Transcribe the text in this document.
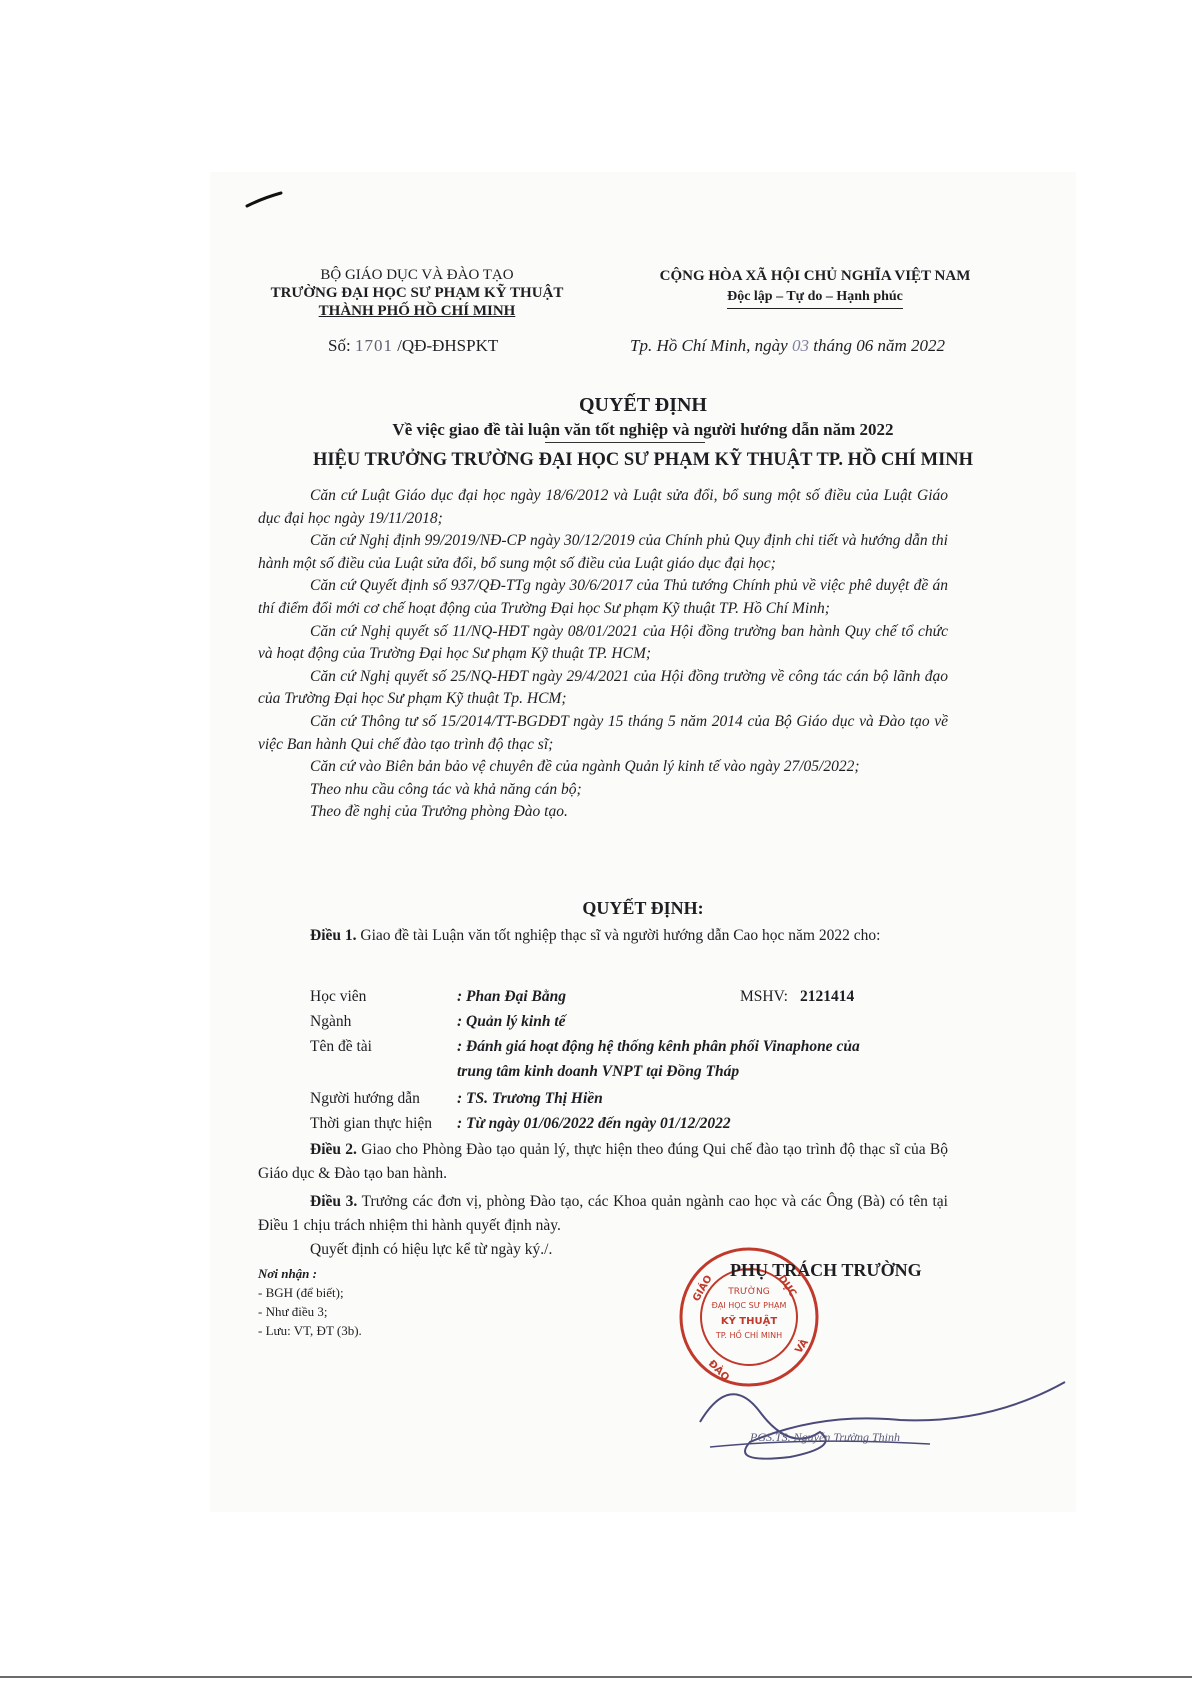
BỘ GIÁO DỤC VÀ ĐÀO TẠO
TRƯỜNG ĐẠI HỌC SƯ PHẠM KỸ THUẬT
THÀNH PHỐ HỒ CHÍ MINH
CỘNG HÒA XÃ HỘI CHỦ NGHĨA VIỆT NAM
Độc lập – Tự do – Hạnh phúc
Số: 1701 /QĐ-ĐHSPKT	Tp. Hồ Chí Minh, ngày 03 tháng 06 năm 2022
QUYẾT ĐỊNH
Về việc giao đề tài luận văn tốt nghiệp và người hướng dẫn năm 2022
HIỆU TRƯỞNG TRƯỜNG ĐẠI HỌC SƯ PHẠM KỸ THUẬT TP. HỒ CHÍ MINH

Căn cứ Luật Giáo dục đại học ngày 18/6/2012 và Luật sửa đổi, bổ sung một số điều của Luật Giáo dục đại học ngày 19/11/2018;

Căn cứ Nghị định 99/2019/NĐ-CP ngày 30/12/2019 của Chính phủ Quy định chi tiết và hướng dẫn thi hành một số điều của Luật sửa đổi, bổ sung một số điều của Luật giáo dục đại học;

Căn cứ Quyết định số 937/QĐ-TTg ngày 30/6/2017 của Thủ tướng Chính phủ về việc phê duyệt đề án thí điểm đổi mới cơ chế hoạt động của Trường Đại học Sư phạm Kỹ thuật TP. Hồ Chí Minh;

Căn cứ Nghị quyết số 11/NQ-HĐT ngày 08/01/2021 của Hội đồng trường ban hành Quy chế tổ chức và hoạt động của Trường Đại học Sư phạm Kỹ thuật TP. HCM;

Căn cứ Nghị quyết số 25/NQ-HĐT ngày 29/4/2021 của Hội đồng trường về công tác cán bộ lãnh đạo của Trường Đại học Sư phạm Kỹ thuật Tp. HCM;

Căn cứ Thông tư số 15/2014/TT-BGDĐT ngày 15 tháng 5 năm 2014 của Bộ Giáo dục và Đào tạo về việc Ban hành Qui chế đào tạo trình độ thạc sĩ;

Căn cứ vào Biên bản bảo vệ chuyên đề của ngành Quản lý kinh tế vào ngày 27/05/2022;

Theo nhu cầu công tác và khả năng cán bộ;

Theo đề nghị của Trưởng phòng Đào tạo.

QUYẾT ĐỊNH:

Điều 1. Giao đề tài Luận văn tốt nghiệp thạc sĩ và người hướng dẫn Cao học năm 2022 cho:

Học viên	: Phan Đại Bằng	MSHV: 2121414
Ngành	: Quản lý kinh tế
Tên đề tài	: Đánh giá hoạt động hệ thống kênh phân phối Vinaphone của
trung tâm kinh doanh VNPT tại Đồng Tháp
Người hướng dẫn : TS. Trương Thị Hiền
Thời gian thực hiện : Từ ngày 01/06/2022 đến ngày 01/12/2022

Điều 2. Giao cho Phòng Đào tạo quản lý, thực hiện theo đúng Qui chế đào tạo trình độ thạc sĩ của Bộ Giáo dục & Đào tạo ban hành.

Điều 3. Trưởng các đơn vị, phòng Đào tạo, các Khoa quản ngành cao học và các Ông (Bà) có tên tại Điều 1 chịu trách nhiệm thi hành quyết định này.

Quyết định có hiệu lực kể từ ngày ký./.

Nơi nhận :
- BGH (để biết);
- Như điều 3;
- Lưu: VT, ĐT (3b).
TRƯỜNG
ĐẠI HỌC SƯ PHẠM
KỸ THUẬT
TP. HỒ CHÍ MINH
GIÁO	DỤC
VÀ
ĐÀO
PHỤ TRÁCH TRƯỜNG
PGS.TS. Nguyễn Trường Thịnh
